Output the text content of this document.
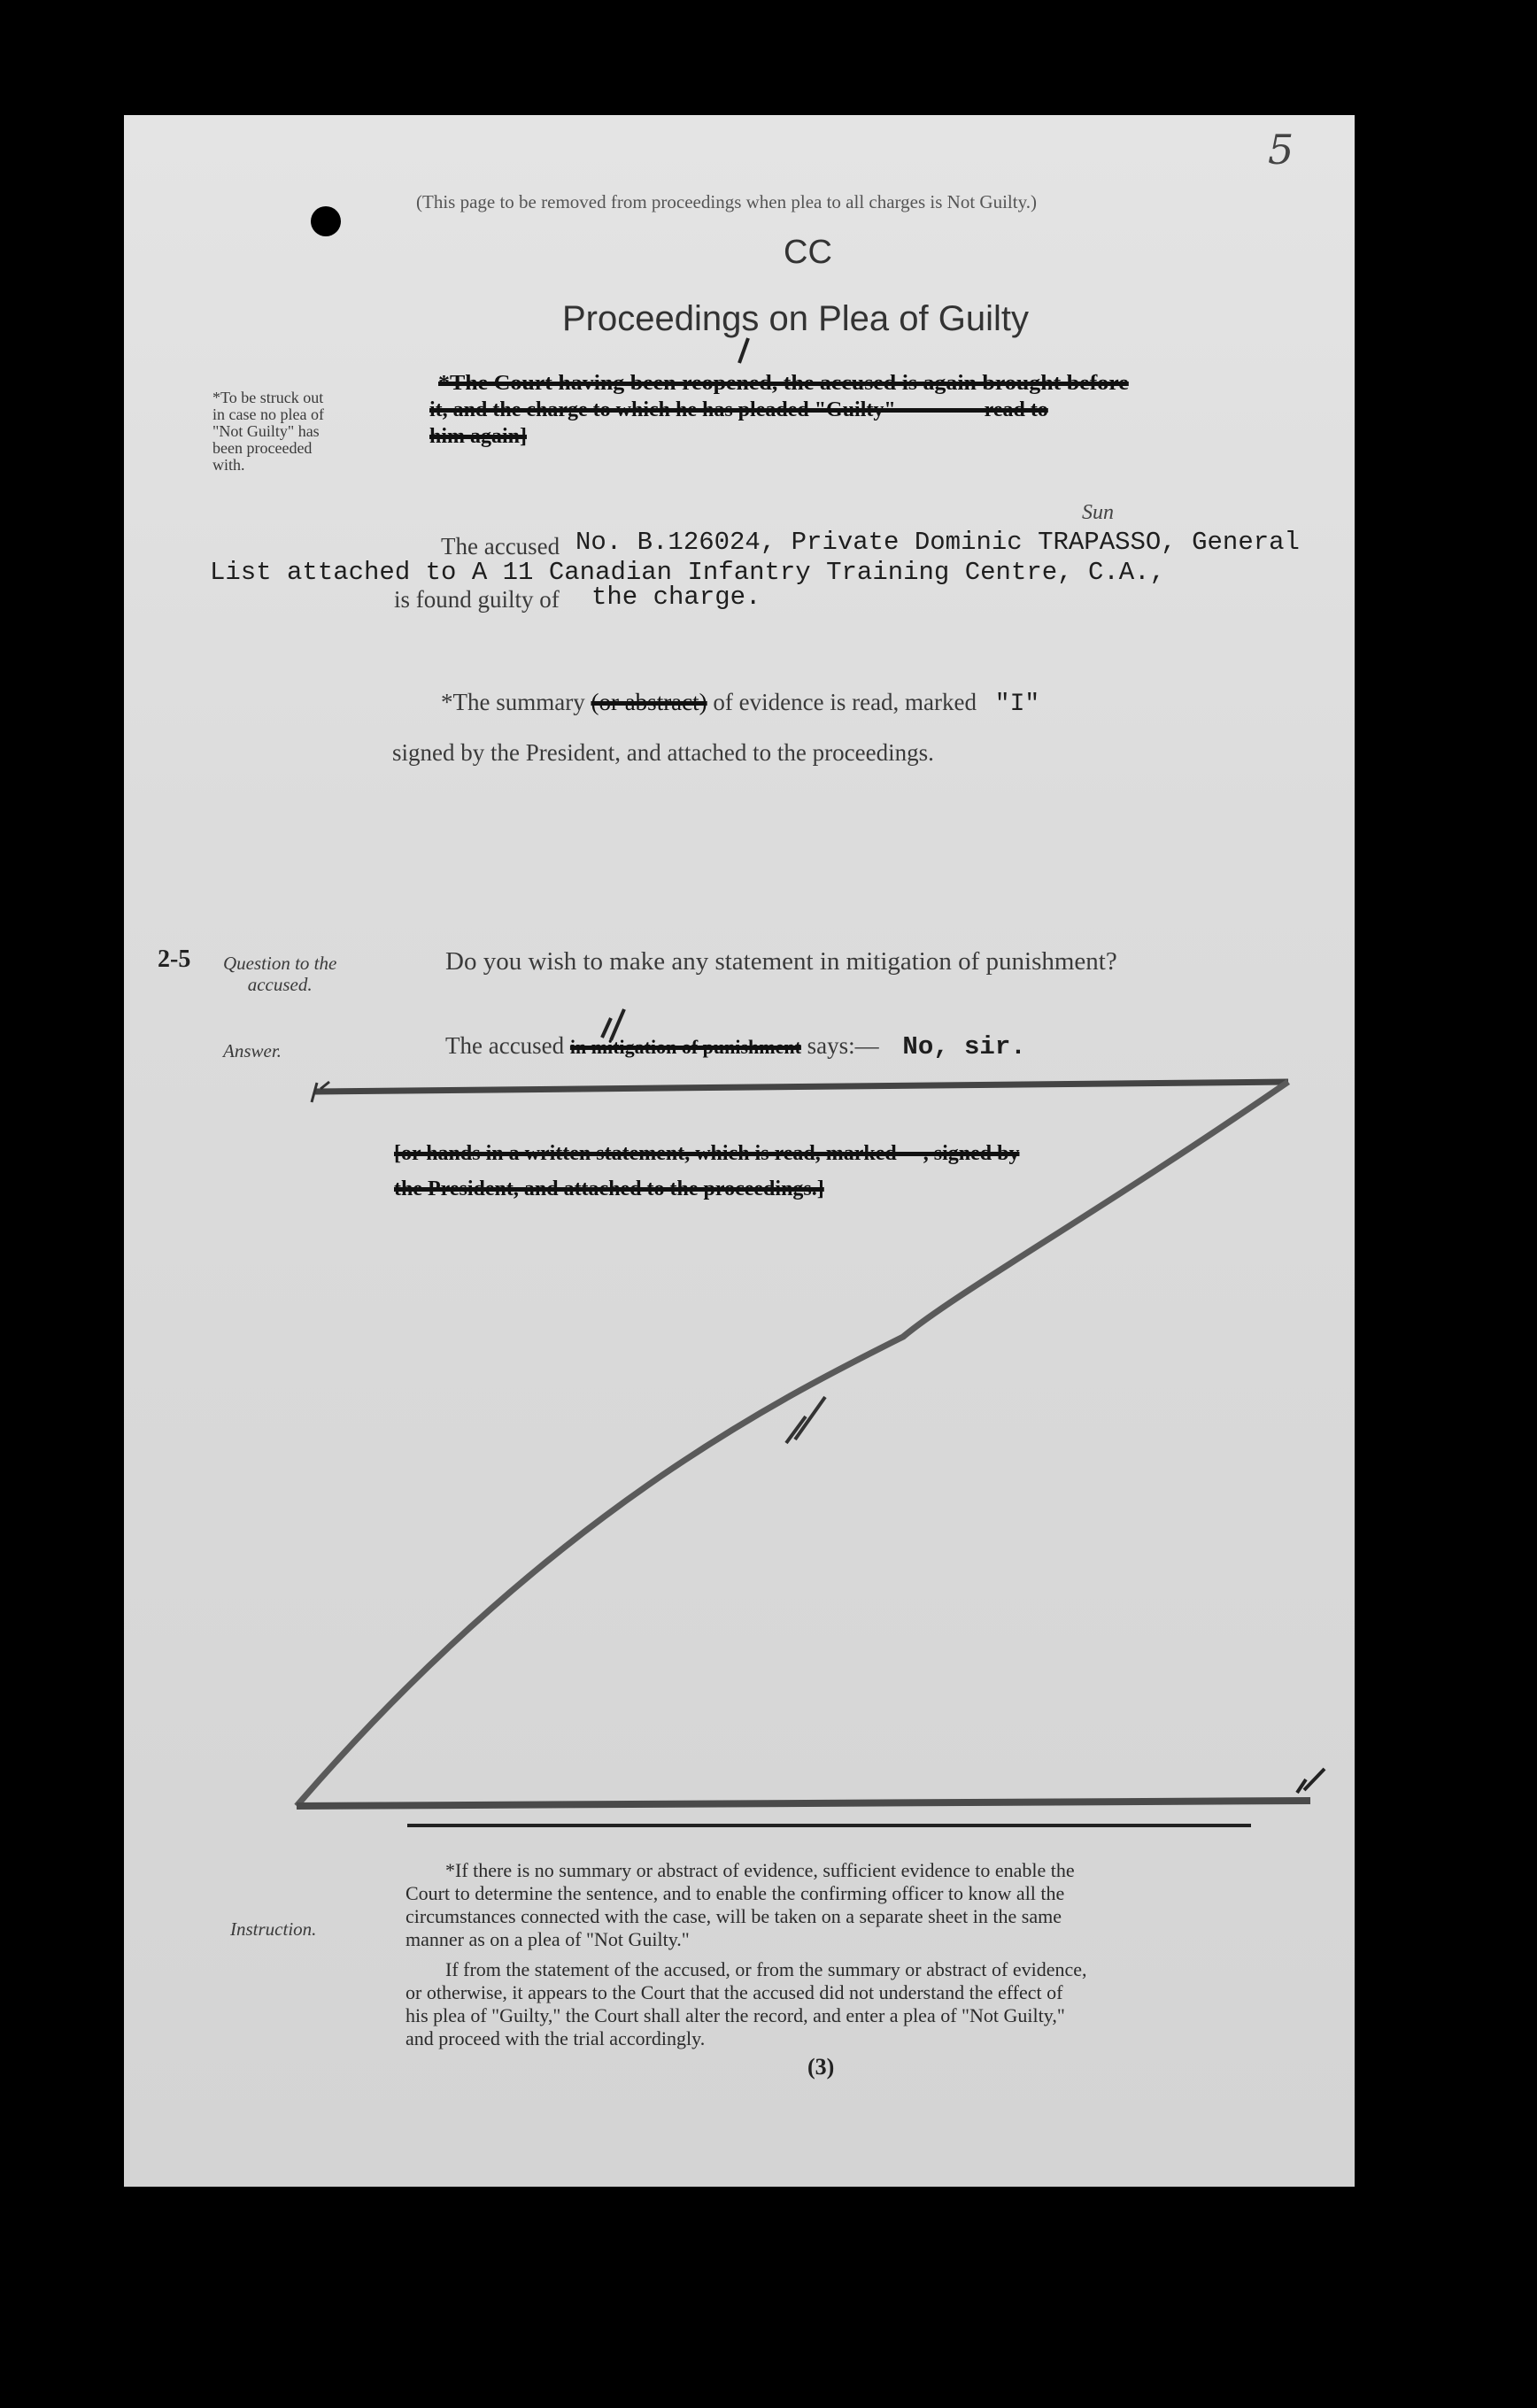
5
(This page to be removed from proceedings when plea to all charges is Not Guilty.)
CC
Proceedings on Plea of Guilty
*To be struck out
in case no plea of
"Not Guilty" has
been proceeded
with.
*The Court having been reopened, the accused is again brought before
it, and the charge to which he has pleaded "Guilty" ----------- read to
him again]
The accused No. B.126024, Private Dominic TRAPASSO, General
Sun
List attached to A 11 Canadian Infantry Training Centre, C.A.,
is found guilty of the charge.
*The summary (or abstract) of evidence is read, marked "I"
signed by the President, and attached to the proceedings.
2-5 Question to the
accused.
Do you wish to make any statement in mitigation of punishment?
Answer.	The accused in mitigation of punishment says:— No, sir.
[or hands in a written statement, which is read, marked ---, signed by
the President, and attached to the proceedings.]
Instruction.
*If there is no summary or abstract of evidence, sufficient evidence to enable the
Court to determine the sentence, and to enable the confirming officer to know all the
circumstances connected with the case, will be taken on a separate sheet in the same
manner as on a plea of "Not Guilty."
If from the statement of the accused, or from the summary or abstract of evidence,
or otherwise, it appears to the Court that the accused did not understand the effect of
his plea of "Guilty," the Court shall alter the record, and enter a plea of "Not Guilty,"
and proceed with the trial accordingly.
(3)
